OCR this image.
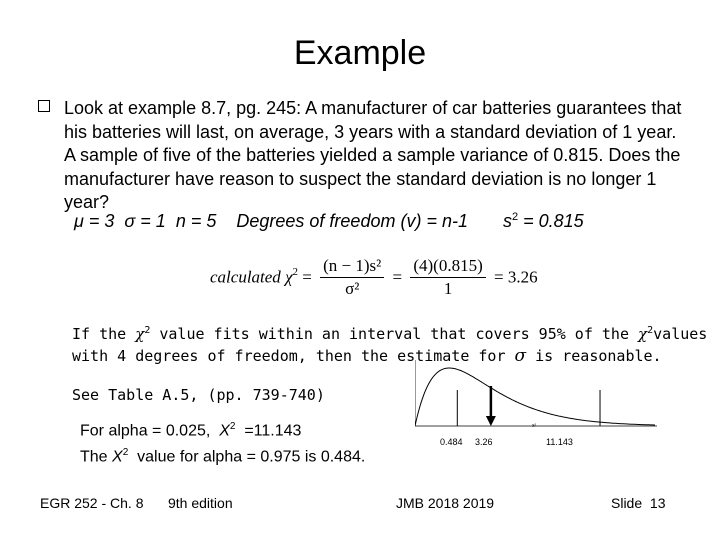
Example
Look at example 8.7, pg. 245: A manufacturer of car batteries guarantees that his batteries will last, on average, 3 years with a standard deviation of 1 year. A sample of five of the batteries yielded a sample variance of 0.815. Does the manufacturer have reason to suspect the standard deviation is no longer 1 year?
μ = 3 σ = 1 n = 5 Degrees of freedom (v) = n-1 $s^2 = 0.815$
calculated $\chi^2 = \frac{\text{(n − 1)s²}}{\text{σ²}} = \frac{(4)(0.815)}{1} = 3.26$
If the $\chi^2$ value fits within an interval that covers 95% of the $\chi^2values$
with 4 degrees of freedom, then the estimate for σ is reasonable.
See Table A.5, (pp. 739-740)
For alpha = 0.025, $X^2 =11.143$
The $X^2$ value for alpha = 0.975 is 0.484.
0.484 3.26	11.143
x²
EGR 252 - Ch. 8 9th edition	JMB 2018 2019	Slide 13
